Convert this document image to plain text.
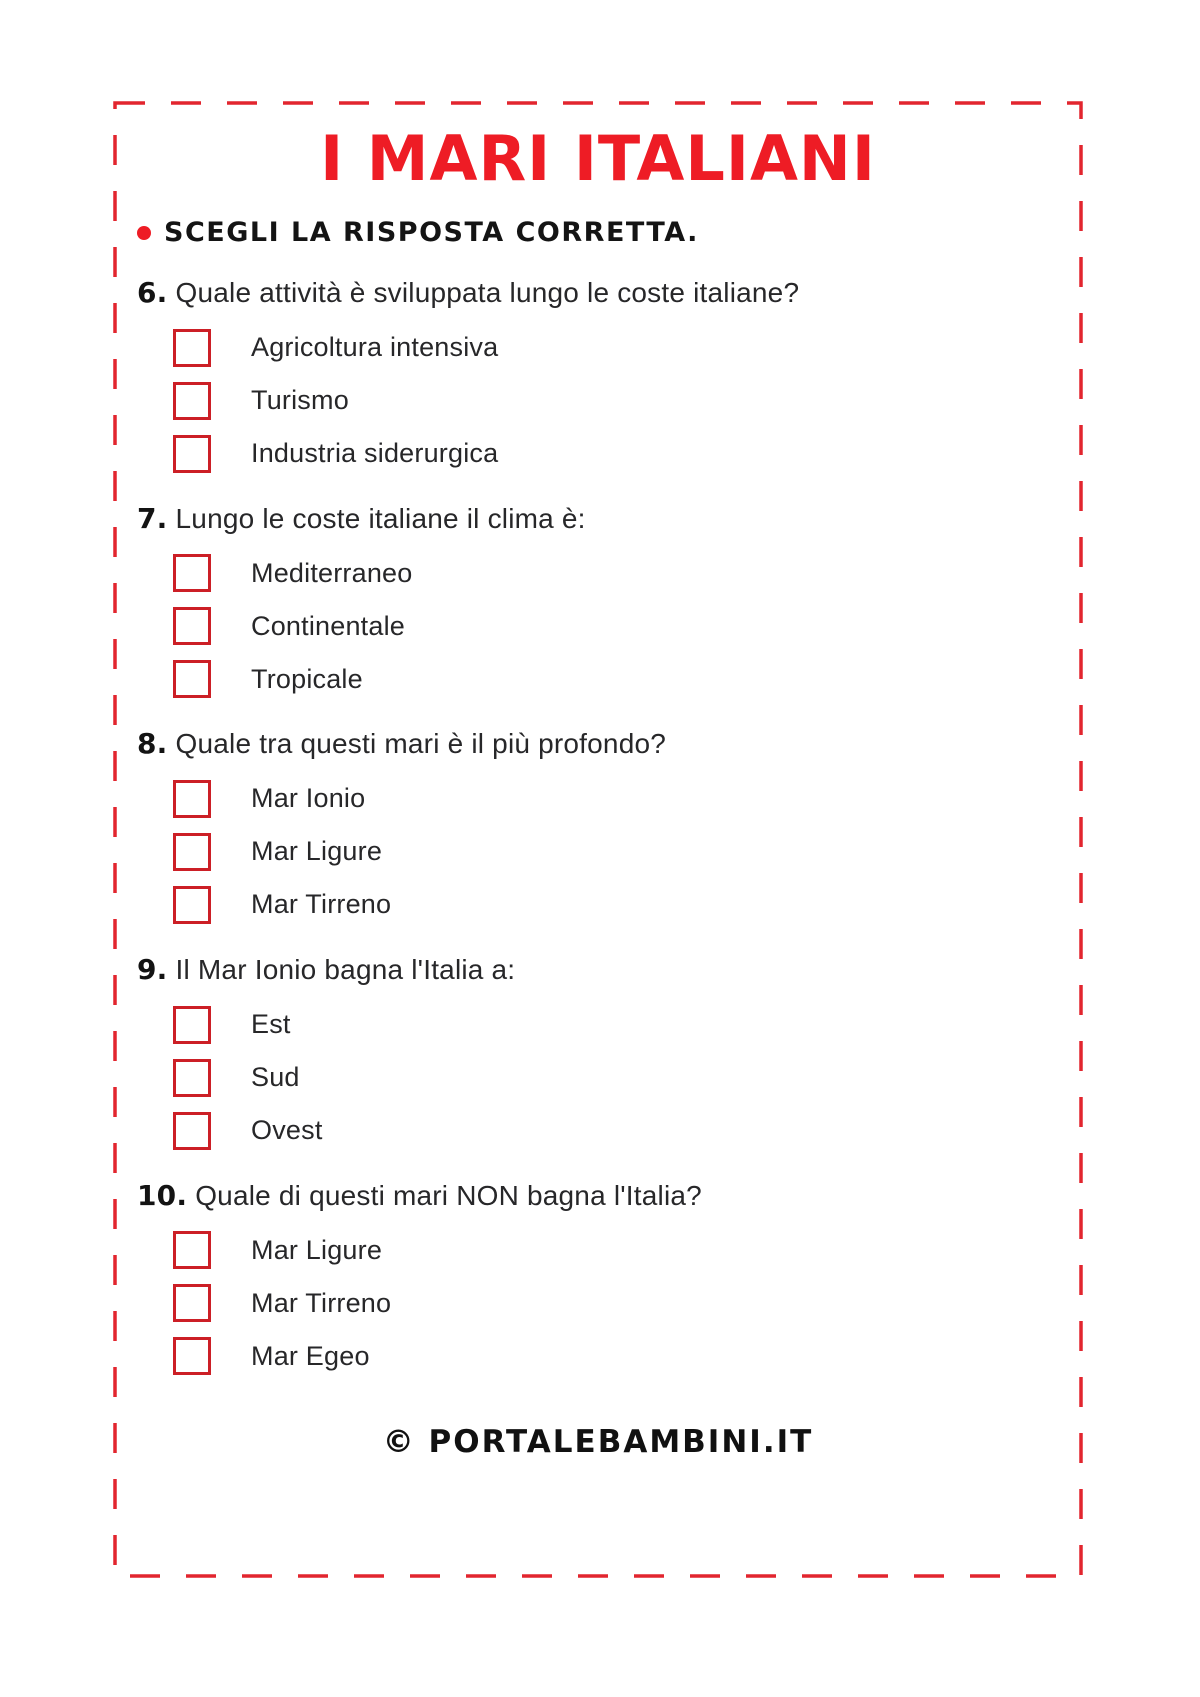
I MARI ITALIANI
SCEGLI LA RISPOSTA CORRETTA.

6. Quale attività è sviluppata lungo le coste italiane?

Agricoltura intensiva
Turismo
Industria siderurgica

7. Lungo le coste italiane il clima è:

Mediterraneo
Continentale
Tropicale

8. Quale tra questi mari è il più profondo?

Mar Ionio
Mar Ligure
Mar Tirreno

9. Il Mar Ionio bagna l'Italia a:

Est
Sud
Ovest

10. Quale di questi mari NON bagna l'Italia?

Mar Ligure
Mar Tirreno
Mar Egeo
© PORTALEBAMBINI.IT
